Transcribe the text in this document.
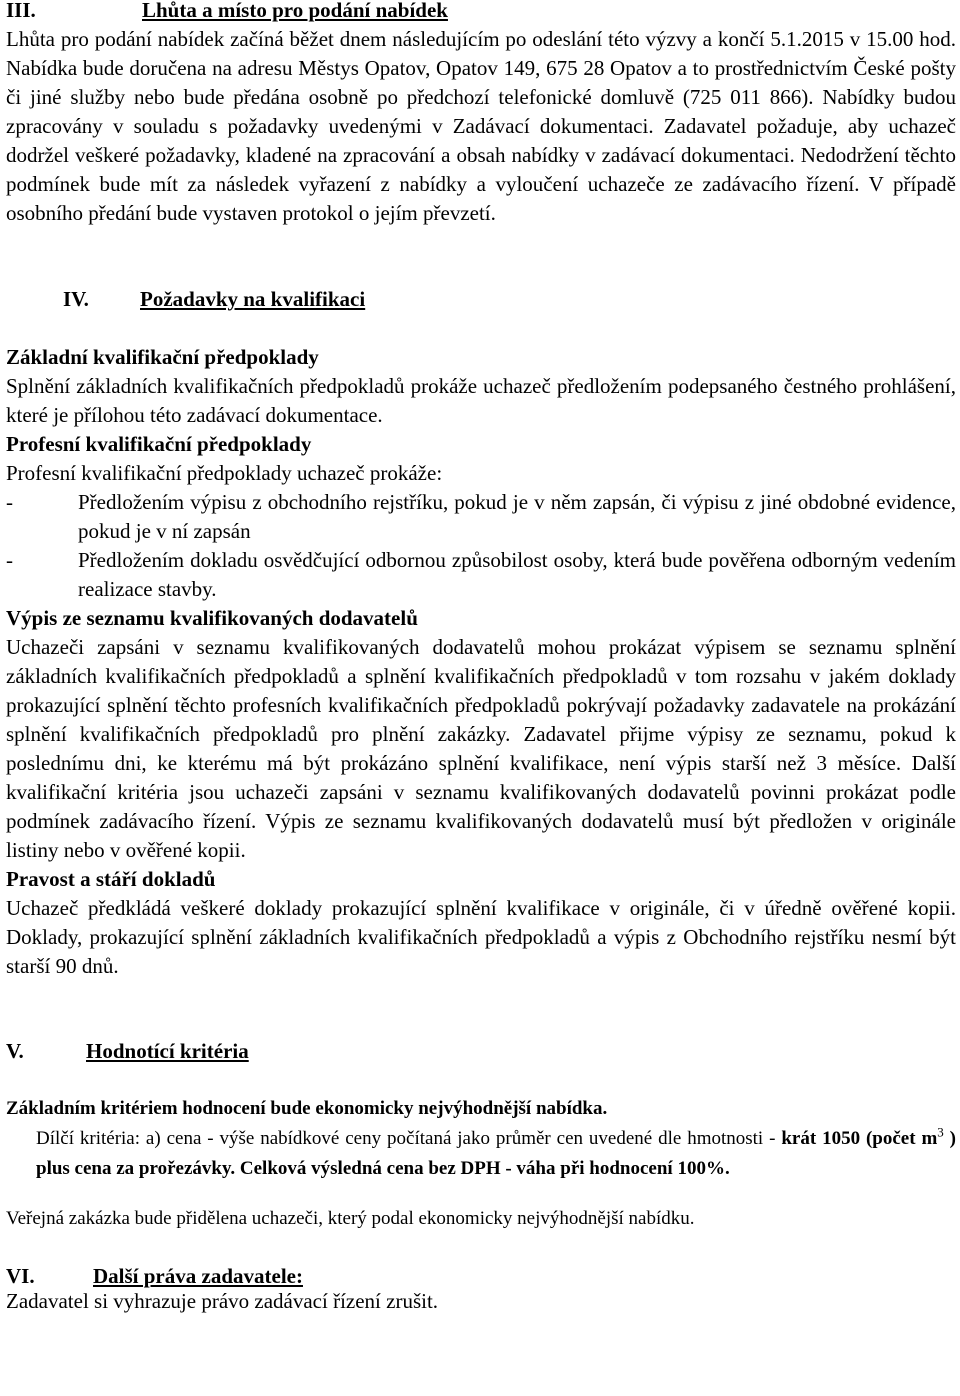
III.	Lhůta a místo pro podání nabídek

Lhůta pro podání nabídek začíná běžet dnem následujícím po odeslání této výzvy a končí 5.1.2015 v 15.00 hod. Nabídka bude doručena na adresu Městys Opatov, Opatov 149, 675 28 Opatov a to prostřednictvím České pošty či jiné služby nebo bude předána osobně po předchozí telefonické domluvě (725 011 866). Nabídky budou zpracovány v souladu s požadavky uvedenými v Zadávací dokumentaci. Zadavatel požaduje, aby uchazeč dodržel veškeré požadavky, kladené na zpracování a obsah nabídky v zadávací dokumentaci. Nedodržení těchto podmínek bude mít za následek vyřazení z nabídky a vyloučení uchazeče ze zadávacího řízení. V případě osobního předání bude vystaven protokol o jejím převzetí.

IV.	Požadavky na kvalifikaci

Základní kvalifikační předpoklady

Splnění základních kvalifikačních předpokladů prokáže uchazeč předložením podepsaného čestného prohlášení, které je přílohou této zadávací dokumentace.

Profesní kvalifikační předpoklady

Profesní kvalifikační předpoklady uchazeč prokáže:

-	Předložením výpisu z obchodního rejstříku, pokud je v něm zapsán, či výpisu z jiné obdobné evidence, pokud je v ní zapsán
-	Předložením dokladu osvědčující odbornou způsobilost osoby, která bude pověřena odborným vedením realizace stavby.

Výpis ze seznamu kvalifikovaných dodavatelů

Uchazeči zapsáni v seznamu kvalifikovaných dodavatelů mohou prokázat výpisem se seznamu splnění základních kvalifikačních předpokladů a splnění kvalifikačních předpokladů v tom rozsahu v jakém doklady prokazující splnění těchto profesních kvalifikačních předpokladů pokrývají požadavky zadavatele na prokázání splnění kvalifikačních předpokladů pro plnění zakázky. Zadavatel přijme výpisy ze seznamu, pokud k poslednímu dni, ke kterému má být prokázáno splnění kvalifikace, není výpis starší než 3 měsíce. Další kvalifikační kritéria jsou uchazeči zapsáni v seznamu kvalifikovaných dodavatelů povinni prokázat podle podmínek zadávacího řízení. Výpis ze seznamu kvalifikovaných dodavatelů musí být předložen v originále listiny nebo v ověřené kopii.

Pravost a stáří dokladů

Uchazeč předkládá veškeré doklady prokazující splnění kvalifikace v originále, či v úředně ověřené kopii. Doklady, prokazující splnění základních kvalifikačních předpokladů a výpis z Obchodního rejstříku nesmí být starší 90 dnů.

V.	Hodnotící kritéria

Základním kritériem hodnocení bude ekonomicky nejvýhodnější nabídka.

Dílčí kritéria: a) cena - výše nabídkové ceny počítaná jako průměr cen uvedené dle hmotnosti - krát 1050 (počet $m^3$ ) plus cena za prořezávky. Celková výsledná cena bez DPH - váha při hodnocení 100%.

Veřejná zakázka bude přidělena uchazeči, který podal ekonomicky nejvýhodnější nabídku.

VI.	Další práva zadavatele:

Zadavatel si vyhrazuje právo zadávací řízení zrušit.
